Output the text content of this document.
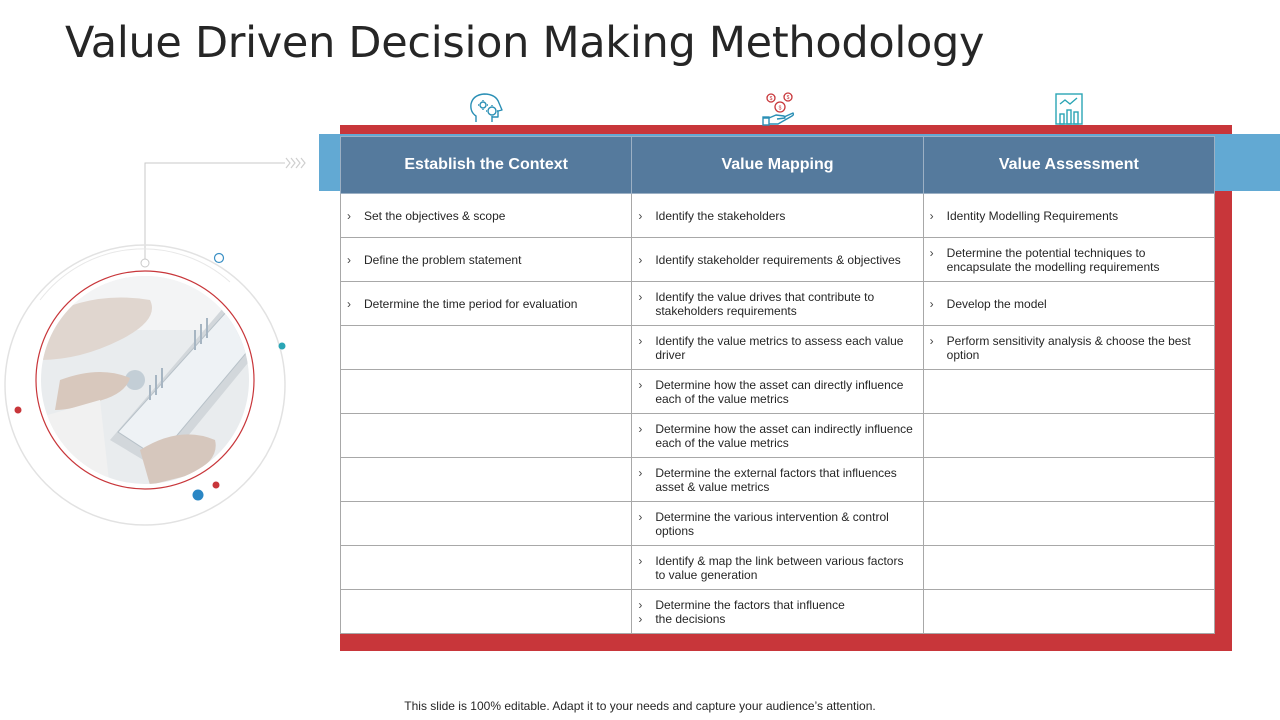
Value Driven Decision Making Methodology
$	$
$
Establish the Context	Value Mapping	Value Assessment

› Set the objectives & scope	› Identify the stakeholders	› Identity Modelling Requirements

› Define the problem statement	› Identify stakeholder requirements & objectives	› Determine the potential techniques to encapsulate the modelling requirements

› Determine the time period for evaluation	› Identify the value drives that contribute to stakeholders requirements	› Develop the model

	› Identify the value metrics to assess each value driver	› Perform sensitivity analysis & choose the best option

	› Determine how the asset can directly influence each of the value metrics	

	› Determine how the asset can indirectly influence each of the value metrics	

	› Determine the external factors that influences asset & value metrics	

	› Determine the various intervention & control options	

	› Identify & map the link between various factors to value generation	

	› Determine the factors that influence
› the decisions	

This slide is 100% editable. Adapt it to your needs and capture your audience’s attention.
